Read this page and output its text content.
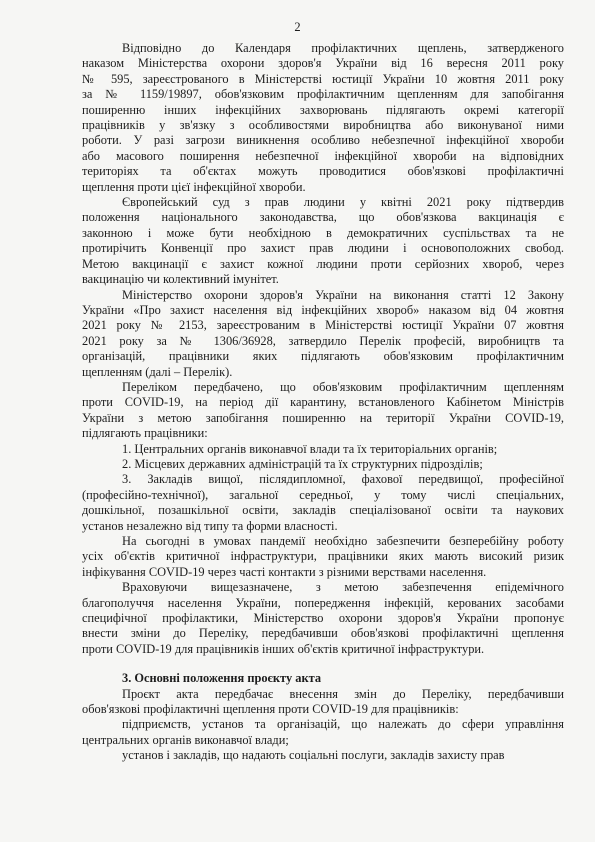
2
Відповідно до Календаря профілактичних щеплень, затвердженого
наказом Міністерства охорони здоров'я України від 16 вересня 2011 року
№ 595, зареєстрованого в Міністерстві юстиції України 10 жовтня 2011 року
за № 1159/19897, обов'язковим профілактичним щепленням для запобігання
поширенню інших інфекційних захворювань підлягають окремі категорії
працівників у зв'язку з особливостями виробництва або виконуваної ними
роботи. У разі загрози виникнення особливо небезпечної інфекційної хвороби
або масового поширення небезпечної інфекційної хвороби на відповідних
територіях та об'єктах можуть проводитися обов'язкові профілактичні
щеплення проти цієї інфекційної хвороби.
Європейський суд з прав людини у квітні 2021 року підтвердив
положення національного законодавства, що обов'язкова вакцинація є
законною і може бути необхідною в демократичних суспільствах та не
протирічить Конвенції про захист прав людини і основоположних свобод.
Метою вакцинації є захист кожної людини проти серйозних хвороб, через
вакцинацію чи колективний імунітет.
Міністерство охорони здоров'я України на виконання статті 12 Закону
України «Про захист населення від інфекційних хвороб» наказом від 04 жовтня
2021 року № 2153, зареєстрованим в Міністерстві юстиції України 07 жовтня
2021 року за № 1306/36928, затвердило Перелік професій, виробництв та
організацій, працівники яких підлягають обов'язковим профілактичним
щепленням (далі – Перелік).
Переліком передбачено, що обов'язковим профілактичним щепленням
проти COVID-19, на період дії карантину, встановленого Кабінетом Міністрів
України з метою запобігання поширенню на території України COVID-19,
підлягають працівники:
1. Центральних органів виконавчої влади та їх територіальних органів;
2. Місцевих державних адміністрацій та їх структурних підрозділів;
3. Закладів вищої, післядипломної, фахової передвищої, професійної
(професійно-технічної), загальної середньої, у тому числі спеціальних,
дошкільної, позашкільної освіти, закладів спеціалізованої освіти та наукових
установ незалежно від типу та форми власності.
На сьогодні в умовах пандемії необхідно забезпечити безперебійну роботу
усіх об'єктів критичної інфраструктури, працівники яких мають високий ризик
інфікування COVID-19 через часті контакти з різними верствами населення.
Враховуючи вищезазначене, з метою забезпечення епідемічного
благополуччя населення України, попередження інфекцій, керованих засобами
специфічної профілактики, Міністерство охорони здоров'я України пропонує
внести зміни до Переліку, передбачивши обов'язкові профілактичні щеплення
проти COVID-19 для працівників інших об'єктів критичної інфраструктури.
3. Основні положення проєкту акта
Проєкт акта передбачає внесення змін до Переліку, передбачивши
обов'язкові профілактичні щеплення проти COVID-19 для працівників:
підприємств, установ та організацій, що належать до сфери управління
центральних органів виконавчої влади;
установ і закладів, що надають соціальні послуги, закладів захисту прав
